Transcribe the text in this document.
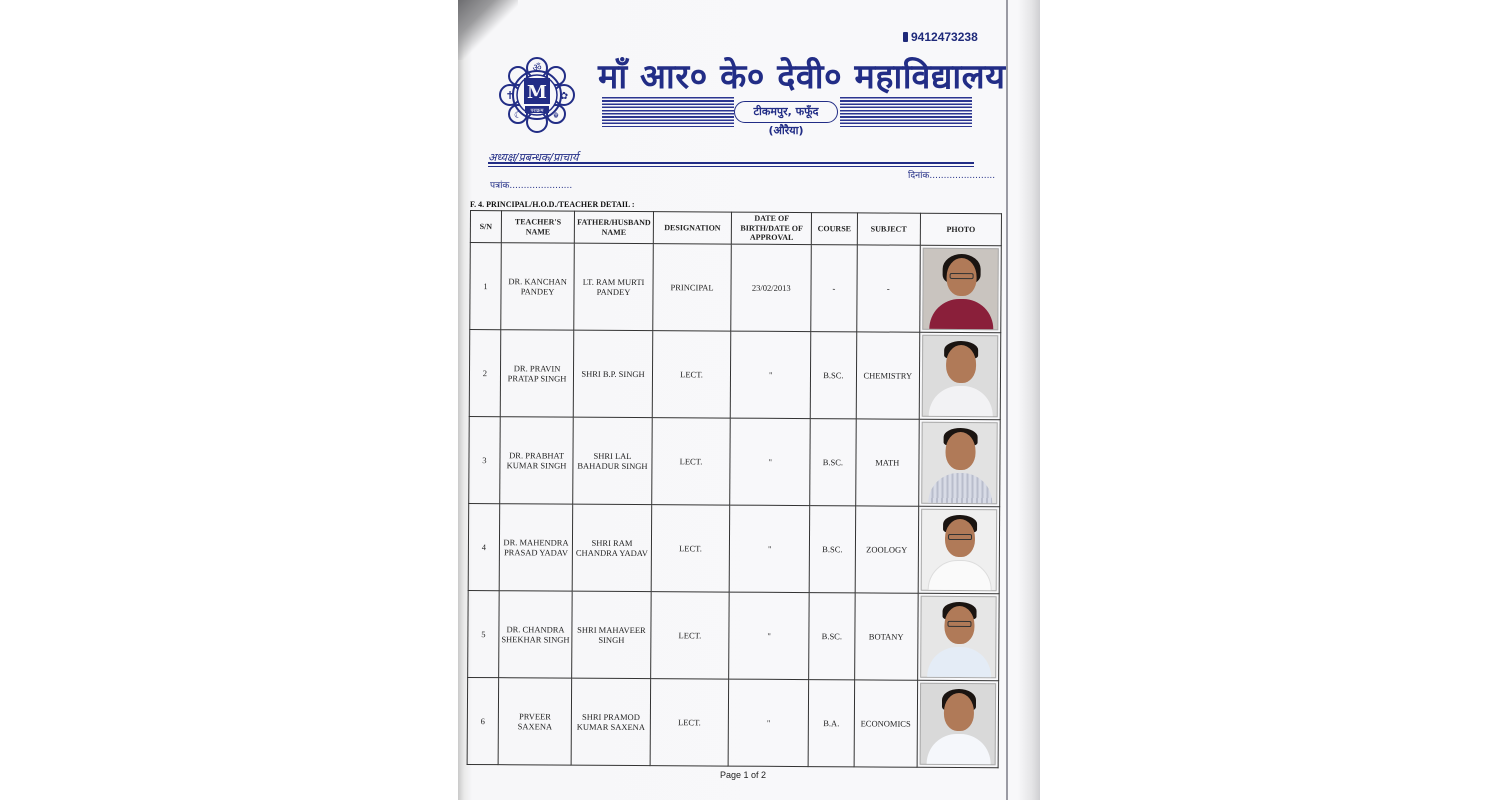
9412473238
M
पराक्रम
ॐ
✝	✿
☾	☬
माँ आर० के० देवी० महाविद्यालय
टीकमपुर, फफूँद (औरैया)
अध्यक्ष/प्रबन्धक/प्राचार्य
पत्रांक......................
दिनांक.......................
F. 4. PRINCIPAL/H.O.D./TEACHER DETAIL :
S/N	TEACHER'S NAME	FATHER/HUSBAND NAME	DESIGNATION	DATE OF BIRTH/DATE OF APPROVAL	COURSE	SUBJECT	PHOTO
1	DR. KANCHAN PANDEY	LT. RAM MURTI PANDEY	PRINCIPAL	23/02/2013	-	-	

2	DR. PRAVIN PRATAP SINGH	SHRI B.P. SINGH	LECT.	"	B.SC.	CHEMISTRY	

3	DR. PRABHAT KUMAR SINGH	SHRI LAL BAHADUR SINGH	LECT.	"	B.SC.	MATH	

4	DR. MAHENDRA PRASAD YADAV	SHRI RAM CHANDRA YADAV	LECT.	"	B.SC.	ZOOLOGY	

5	DR. CHANDRA SHEKHAR SINGH	SHRI MAHAVEER SINGH	LECT.	"	B.SC.	BOTANY	

6	PRVEER SAXENA	SHRI PRAMOD KUMAR SAXENA	LECT.	"	B.A.	ECONOMICS	
Page 1 of 2
